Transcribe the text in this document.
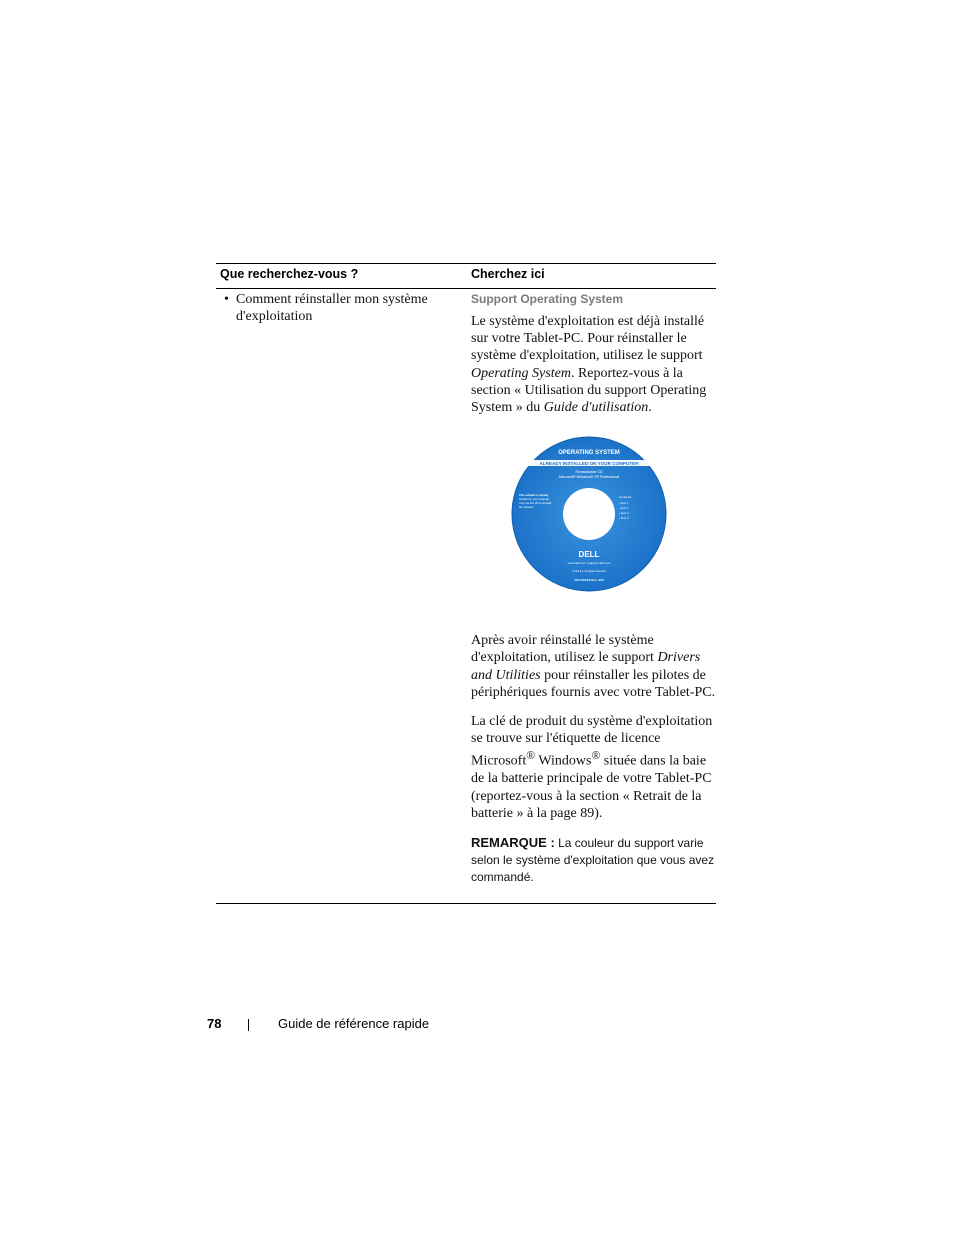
Que recherchez-vous ?	Cherchez ici
• Comment réinstaller mon système d'exploitation
Support Operating System

Le système d'exploitation est déjà installé sur votre Tablet-PC. Pour réinstaller le système d'exploitation, utilisez le support Operating System. Reportez-vous à la section « Utilisation du support Operating System » du Guide d'utilisation.

OPERATING SYSTEM
ALREADY INSTALLED ON YOUR COMPUTER
Reinstallation CD
Microsoft® Windows® XP Professional
This software is already
installed on your computer.
Only use this CD to reinstall
the software.
Contents:
• Item 1
• Item 2
• Item 3
• Item 4
DELL
www.dell.com | support.dell.com
© Dell Inc. All rights reserved.
P/N XXXXX Rev. A00

Après avoir réinstallé le système d'exploitation, utilisez le support Drivers and Utilities pour réinstaller les pilotes de périphériques fournis avec votre Tablet-PC.

La clé de produit du système d'exploitation se trouve sur l'étiquette de licence Microsoft® Windows® située dans la baie de la batterie principale de votre Tablet-PC (reportez-vous à la section « Retrait de la batterie » à la page 89).

REMARQUE : La couleur du support varie selon le système d'exploitation que vous avez commandé.

78	Guide de référence rapide
